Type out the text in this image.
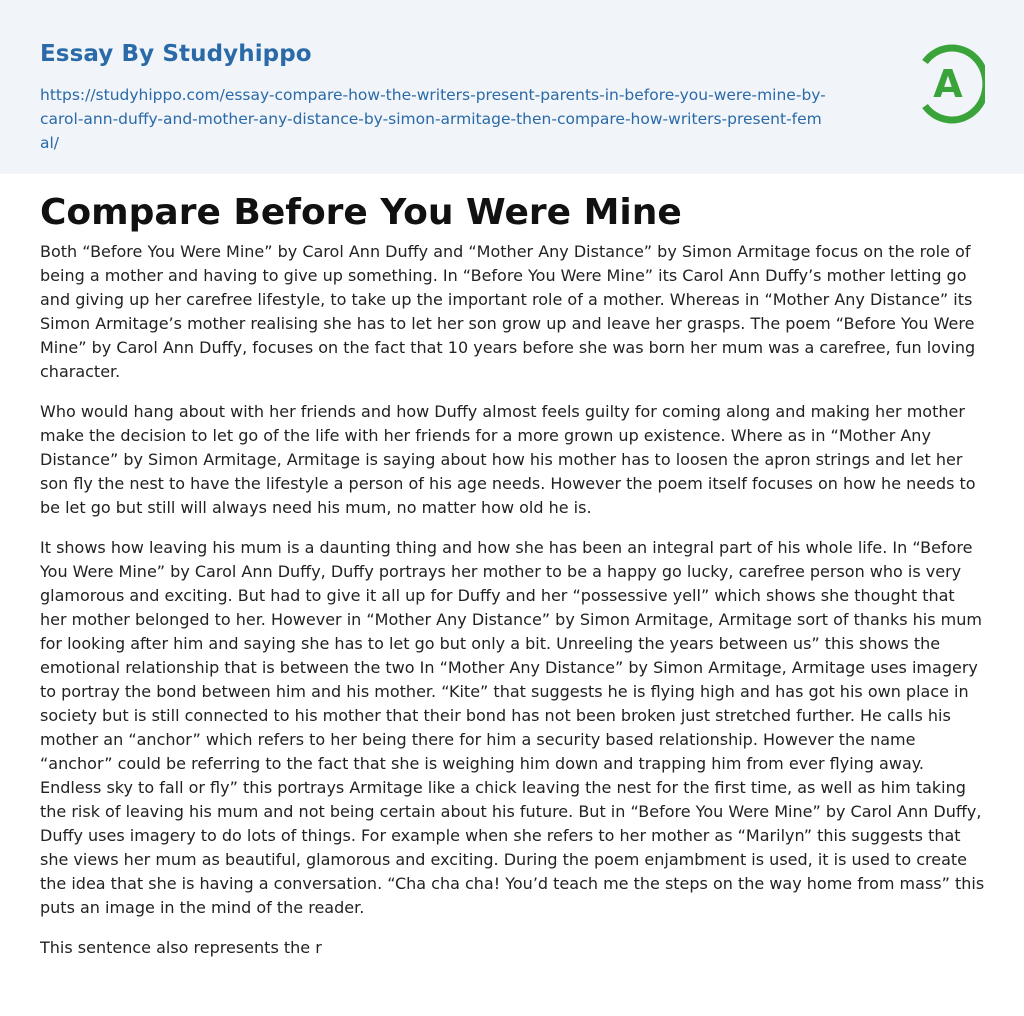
Essay By Studyhippo
https://studyhippo.com/essay-compare-how-the-writers-present-parents-in-before-you-were-mine-by-carol-ann-duffy-and-mother-any-distance-by-simon-armitage-then-compare-how-writers-present-femal/
A
Compare Before You Were Mine

Both “Before You Were Mine” by Carol Ann Duffy and “Mother Any Distance” by Simon Armitage focus on the role of being a mother and having to give up something. In “Before You Were Mine” its Carol Ann Duffy’s mother letting go and giving up her carefree lifestyle, to take up the important role of a mother. Whereas in “Mother Any Distance” its Simon Armitage’s mother realising she has to let her son grow up and leave her grasps. The poem “Before You Were Mine” by Carol Ann Duffy, focuses on the fact that 10 years before she was born her mum was a carefree, fun loving character.

Who would hang about with her friends and how Duffy almost feels guilty for coming along and making her mother make the decision to let go of the life with her friends for a more grown up existence. Where as in “Mother Any Distance” by Simon Armitage, Armitage is saying about how his mother has to loosen the apron strings and let her son fly the nest to have the lifestyle a person of his age needs. However the poem itself focuses on how he needs to be let go but still will always need his mum, no matter how old he is.

It shows how leaving his mum is a daunting thing and how she has been an integral part of his whole life. In “Before You Were Mine” by Carol Ann Duffy, Duffy portrays her mother to be a happy go lucky, carefree person who is very glamorous and exciting. But had to give it all up for Duffy and her “possessive yell” which shows she thought that her mother belonged to her. However in “Mother Any Distance” by Simon Armitage, Armitage sort of thanks his mum for looking after him and saying she has to let go but only a bit. Unreeling the years between us” this shows the emotional relationship that is between the two In “Mother Any Distance” by Simon Armitage, Armitage uses imagery to portray the bond between him and his mother. “Kite” that suggests he is flying high and has got his own place in society but is still connected to his mother that their bond has not been broken just stretched further. He calls his mother an “anchor” which refers to her being there for him a security based relationship. However the name “anchor” could be referring to the fact that she is weighing him down and trapping him from ever flying away. Endless sky to fall or fly” this portrays Armitage like a chick leaving the nest for the first time, as well as him taking the risk of leaving his mum and not being certain about his future. But in “Before You Were Mine” by Carol Ann Duffy, Duffy uses imagery to do lots of things. For example when she refers to her mother as “Marilyn” this suggests that she views her mum as beautiful, glamorous and exciting. During the poem enjambment is used, it is used to create the idea that she is having a conversation. “Cha cha cha! You’d teach me the steps on the way home from mass” this puts an image in the mind of the reader.

This sentence also represents the r
